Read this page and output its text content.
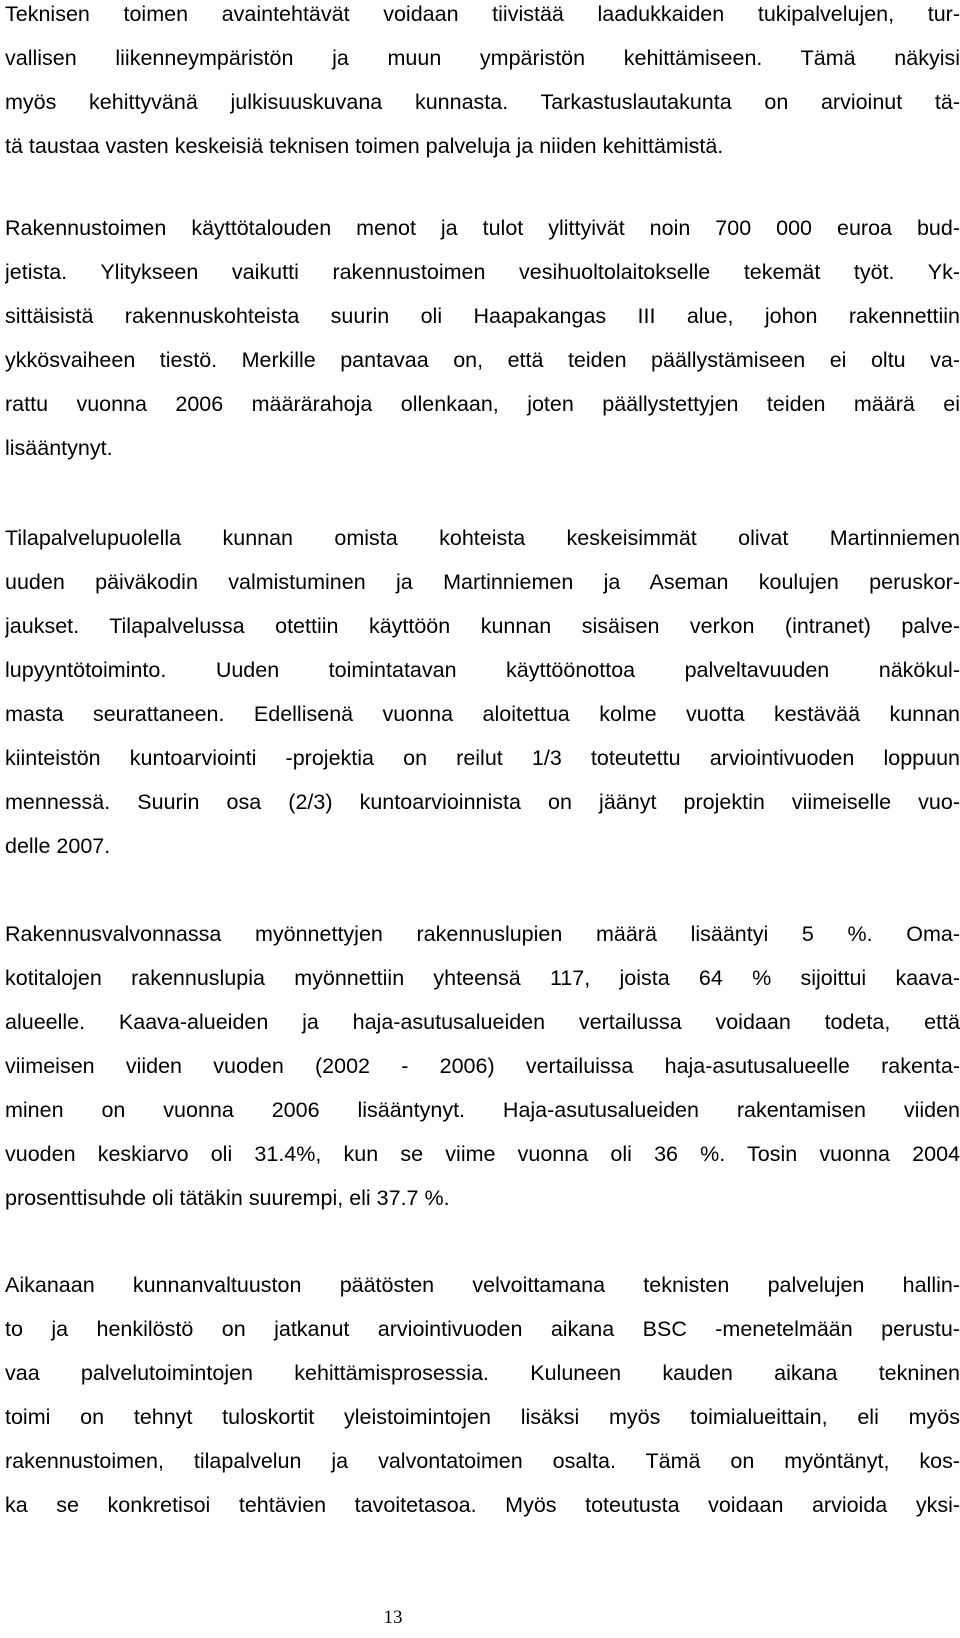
Teknisen toimen avaintehtävät voidaan tiivistää laadukkaiden tukipalvelujen, tur-
vallisen liikenneympäristön ja muun ympäristön kehittämiseen. Tämä näkyisi
myös kehittyvänä julkisuuskuvana kunnasta. Tarkastuslautakunta on arvioinut tä-
tä taustaa vasten keskeisiä teknisen toimen palveluja ja niiden kehittämistä.
Rakennustoimen käyttötalouden menot ja tulot ylittyivät noin 700 000 euroa bud-
jetista. Ylitykseen vaikutti rakennustoimen vesihuoltolaitokselle tekemät työt. Yk-
sittäisistä rakennuskohteista suurin oli Haapakangas III alue, johon rakennettiin
ykkösvaiheen tiestö. Merkille pantavaa on, että teiden päällystämiseen ei oltu va-
rattu vuonna 2006 määrärahoja ollenkaan, joten päällystettyjen teiden määrä ei
lisääntynyt.
Tilapalvelupuolella kunnan omista kohteista keskeisimmät olivat Martinniemen
uuden päiväkodin valmistuminen ja Martinniemen ja Aseman koulujen peruskor-
jaukset. Tilapalvelussa otettiin käyttöön kunnan sisäisen verkon (intranet) palve-
lupyyntötoiminto. Uuden toimintatavan käyttöönottoa palveltavuuden näkökul-
masta seurattaneen. Edellisenä vuonna aloitettua kolme vuotta kestävää kunnan
kiinteistön kuntoarviointi -projektia on reilut 1/3 toteutettu arviointivuoden loppuun
mennessä. Suurin osa (2/3) kuntoarvioinnista on jäänyt projektin viimeiselle vuo-
delle 2007.
Rakennusvalvonnassa myönnettyjen rakennuslupien määrä lisääntyi 5 %. Oma-
kotitalojen rakennuslupia myönnettiin yhteensä 117, joista 64 % sijoittui kaava-
alueelle. Kaava-alueiden ja haja-asutusalueiden vertailussa voidaan todeta, että
viimeisen viiden vuoden (2002 - 2006) vertailuissa haja-asutusalueelle rakenta-
minen on vuonna 2006 lisääntynyt. Haja-asutusalueiden rakentamisen viiden
vuoden keskiarvo oli 31.4%, kun se viime vuonna oli 36 %. Tosin vuonna 2004
prosenttisuhde oli tätäkin suurempi, eli 37.7 %.
Aikanaan kunnanvaltuuston päätösten velvoittamana teknisten palvelujen hallin-
to ja henkilöstö on jatkanut arviointivuoden aikana BSC -menetelmään perustu-
vaa palvelutoimintojen kehittämisprosessia. Kuluneen kauden aikana tekninen
toimi on tehnyt tuloskortit yleistoimintojen lisäksi myös toimialueittain, eli myös
rakennustoimen, tilapalvelun ja valvontatoimen osalta. Tämä on myöntänyt, kos-
ka se konkretisoi tehtävien tavoitetasoa. Myös toteutusta voidaan arvioida yksi-
13
